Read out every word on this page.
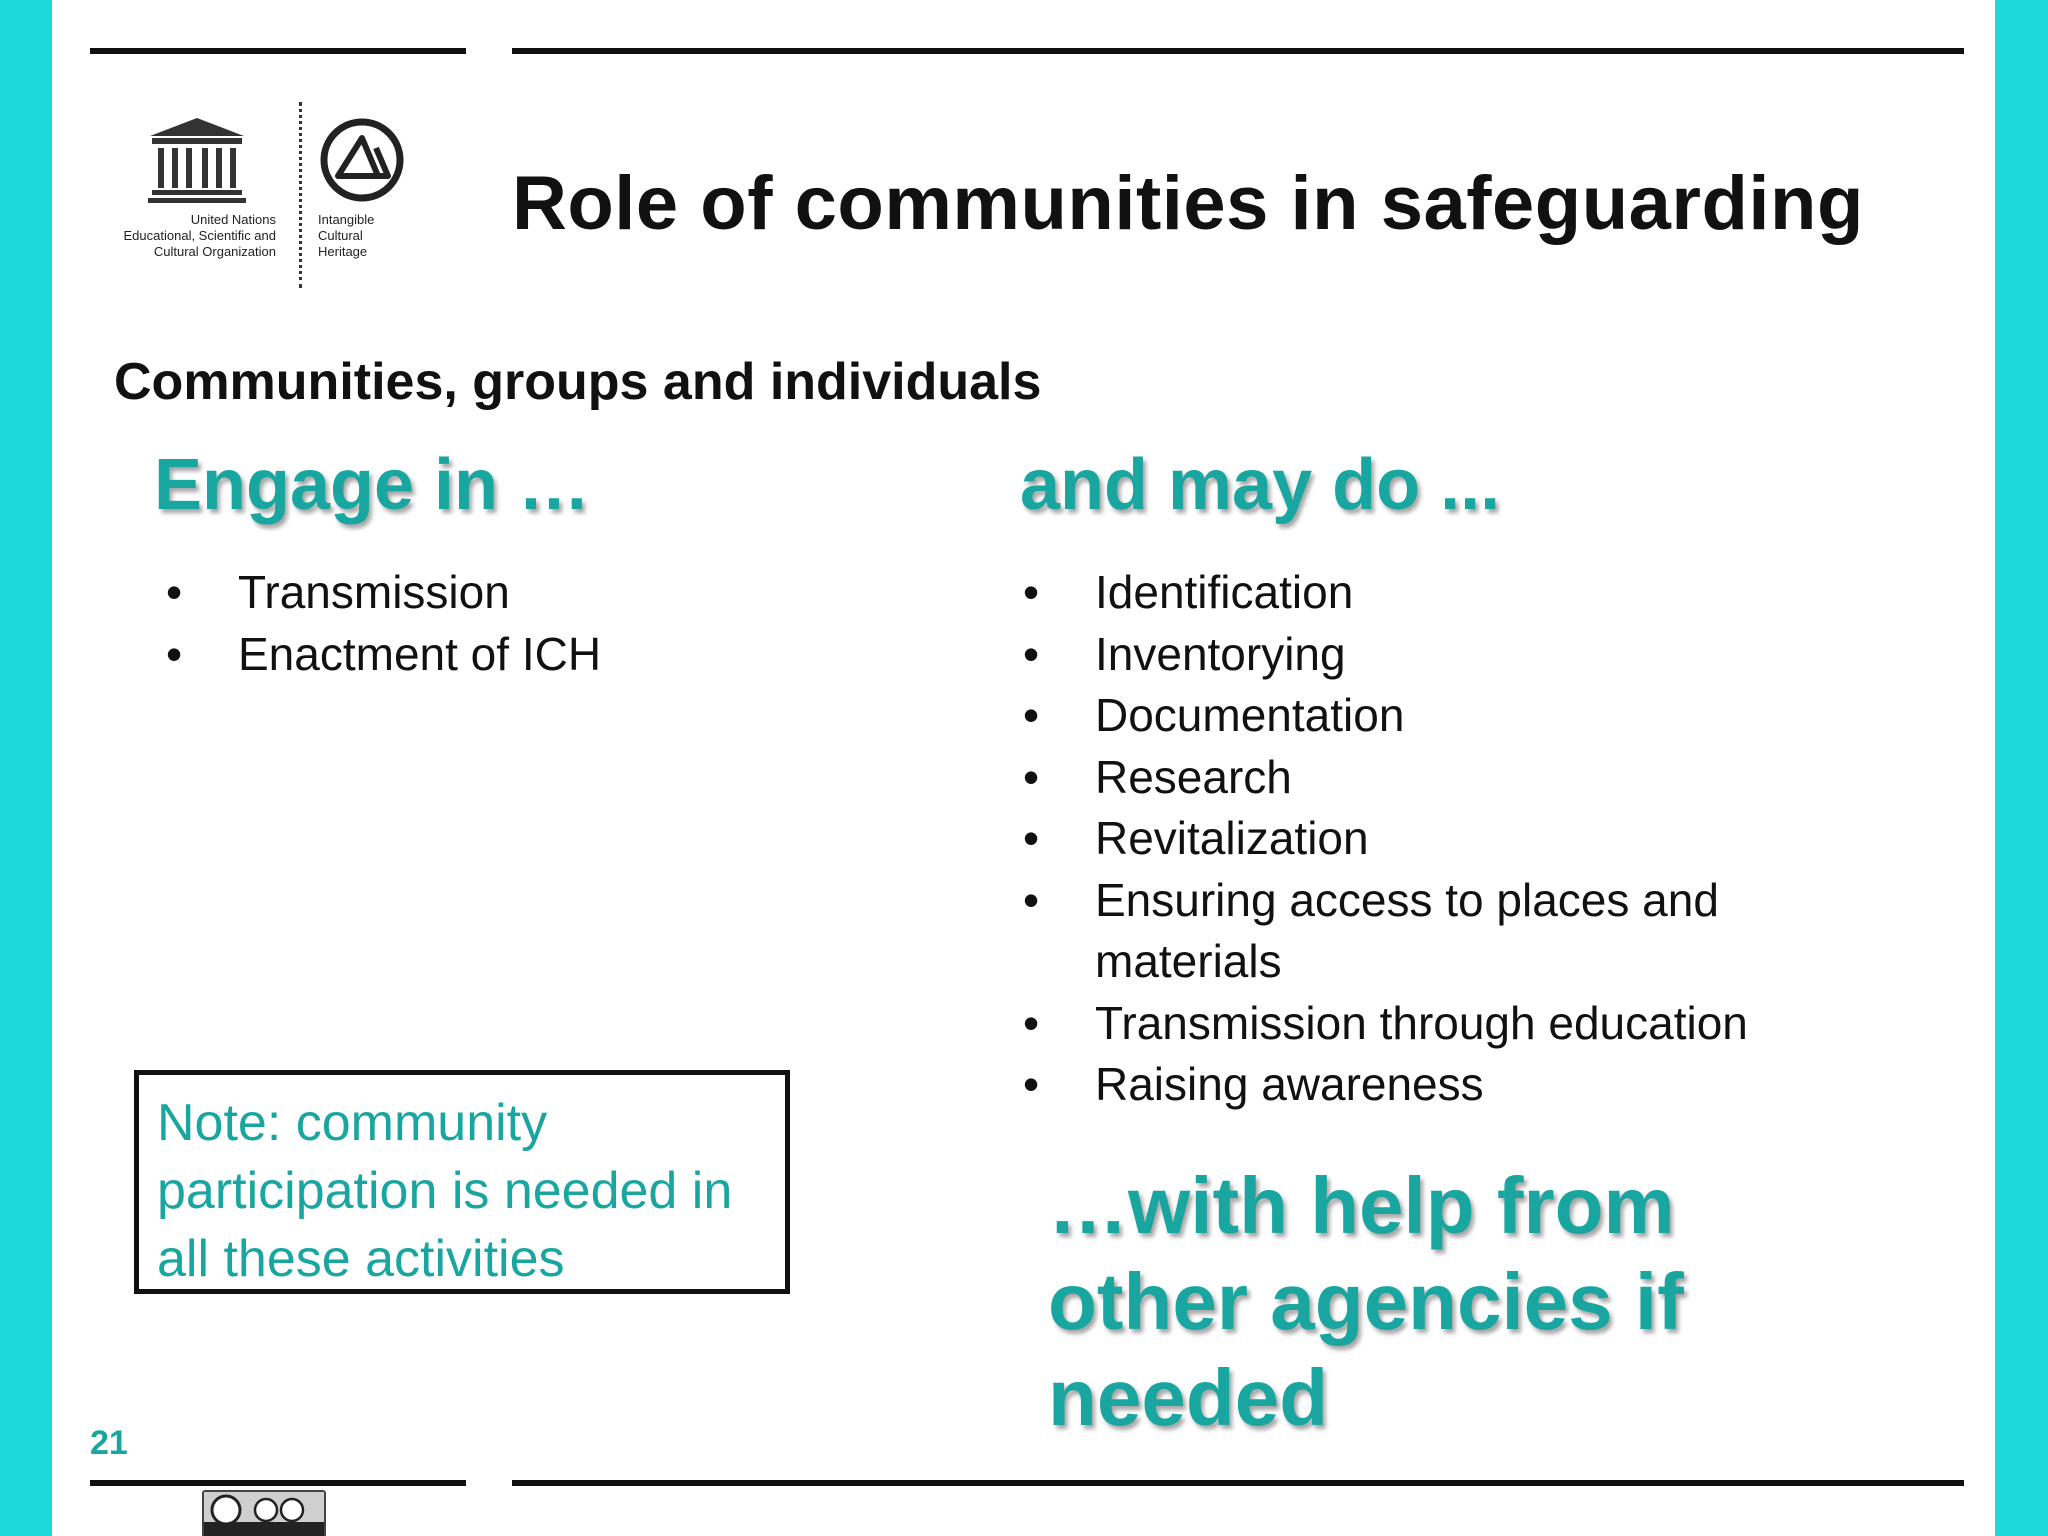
United Nations
Educational, Scientific and
Cultural Organization
Intangible
Cultural
Heritage
Role of communities in safeguarding
Communities, groups and individuals
Engage in …
• Transmission
• Enactment of ICH
and may do ...
• Identification
• Inventorying
• Documentation
• Research
• Revitalization
• Ensuring access to places and materials
• Transmission through education
• Raising awareness
Note: community participation is needed in all these activities
…with help from other agencies if needed
21
